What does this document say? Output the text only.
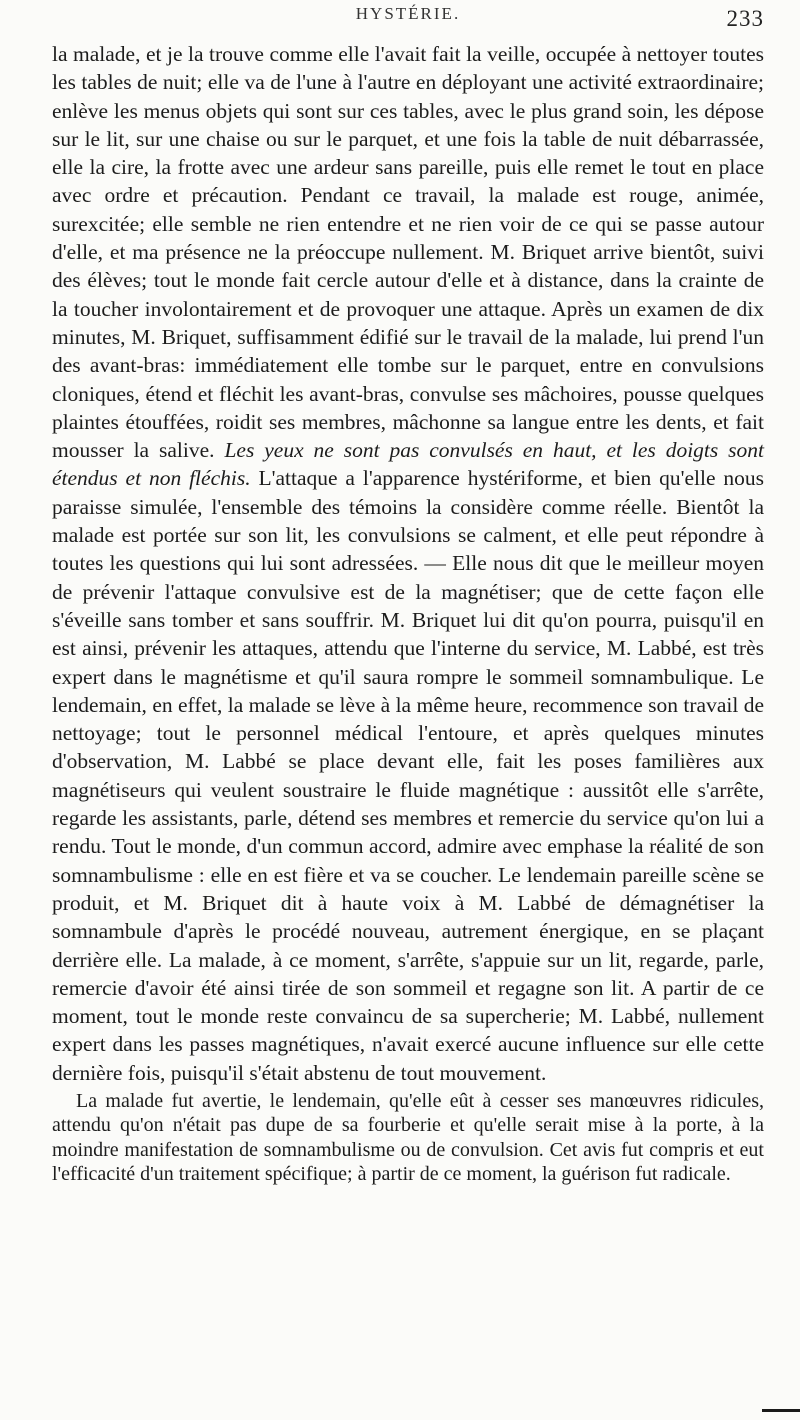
HYSTÉRIE.	233

la malade, et je la trouve comme elle l'avait fait la veille, occupée à nettoyer toutes les tables de nuit; elle va de l'une à l'autre en déployant une activité extraordinaire; enlève les menus objets qui sont sur ces tables, avec le plus grand soin, les dépose sur le lit, sur une chaise ou sur le parquet, et une fois la table de nuit débarrassée, elle la cire, la frotte avec une ardeur sans pareille, puis elle remet le tout en place avec ordre et précaution. Pendant ce travail, la malade est rouge, animée, surexcitée; elle semble ne rien entendre et ne rien voir de ce qui se passe autour d'elle, et ma présence ne la préoccupe nullement. M. Briquet arrive bientôt, suivi des élèves; tout le monde fait cercle autour d'elle et à distance, dans la crainte de la toucher involontairement et de provoquer une attaque. Après un examen de dix minutes, M. Briquet, suffisamment édifié sur le travail de la malade, lui prend l'un des avant-bras: immédiatement elle tombe sur le parquet, entre en convulsions cloniques, étend et fléchit les avant-bras, convulse ses mâchoires, pousse quelques plaintes étouffées, roidit ses membres, mâchonne sa langue entre les dents, et fait mousser la salive. Les yeux ne sont pas convulsés en haut, et les doigts sont étendus et non fléchis. L'attaque a l'apparence hystériforme, et bien qu'elle nous paraisse simulée, l'ensemble des témoins la considère comme réelle. Bientôt la malade est portée sur son lit, les convulsions se calment, et elle peut répondre à toutes les questions qui lui sont adressées. — Elle nous dit que le meilleur moyen de prévenir l'attaque convulsive est de la magnétiser; que de cette façon elle s'éveille sans tomber et sans souffrir. M. Briquet lui dit qu'on pourra, puisqu'il en est ainsi, prévenir les attaques, attendu que l'interne du service, M. Labbé, est très expert dans le magnétisme et qu'il saura rompre le sommeil somnambulique. Le lendemain, en effet, la malade se lève à la même heure, recommence son travail de nettoyage; tout le personnel médical l'entoure, et après quelques minutes d'observation, M. Labbé se place devant elle, fait les poses familières aux magnétiseurs qui veulent soustraire le fluide magnétique : aussitôt elle s'arrête, regarde les assistants, parle, détend ses membres et remercie du service qu'on lui a rendu. Tout le monde, d'un commun accord, admire avec emphase la réalité de son somnambulisme : elle en est fière et va se coucher. Le lendemain pareille scène se produit, et M. Briquet dit à haute voix à M. Labbé de démagnétiser la somnambule d'après le procédé nouveau, autrement énergique, en se plaçant derrière elle. La malade, à ce moment, s'arrête, s'appuie sur un lit, regarde, parle, remercie d'avoir été ainsi tirée de son sommeil et regagne son lit. A partir de ce moment, tout le monde reste convaincu de sa supercherie; M. Labbé, nullement expert dans les passes magnétiques, n'avait exercé aucune influence sur elle cette dernière fois, puisqu'il s'était abstenu de tout mouvement.

La malade fut avertie, le lendemain, qu'elle eût à cesser ses manœuvres ridicules, attendu qu'on n'était pas dupe de sa fourberie et qu'elle serait mise à la porte, à la moindre manifestation de somnambulisme ou de convulsion. Cet avis fut compris et eut l'efficacité d'un traitement spécifique; à partir de ce moment, la guérison fut radicale.
